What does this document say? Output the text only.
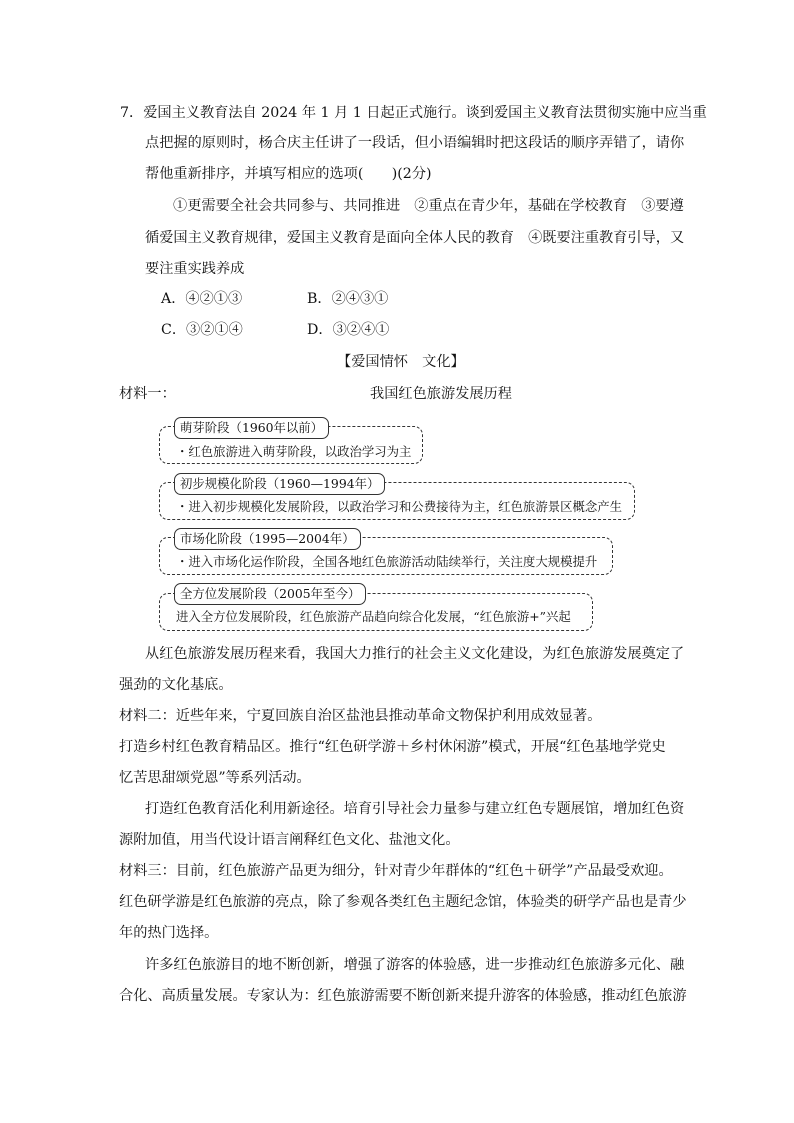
7．爱国主义教育法自 2024 年 1 月 1 日起正式施行。谈到爱国主义教育法贯彻实施中应当重
点把握的原则时，杨合庆主任讲了一段话，但小语编辑时把这段话的顺序弄错了，请你
帮他重新排序，并填写相应的选项(　　)(2分)
①更需要全社会共同参与、共同推进　②重点在青少年，基础在学校教育　③要遵
循爱国主义教育规律，爱国主义教育是面向全体人民的教育　④既要注重教育引导，又
要注重实践养成
A．④②①③	B．②④③①
C．③②①④	D．③②④①
【爱国情怀　文化】
材料一：	我国红色旅游发展历程
萌芽阶段（1960年以前）
・红色旅游进入萌芽阶段，以政治学习为主
初步规模化阶段（1960—1994年）
・进入初步规模化发展阶段，以政治学习和公费接待为主，红色旅游景区概念产生
市场化阶段（1995—2004年）
・进入市场化运作阶段，全国各地红色旅游活动陆续举行，关注度大规模提升
全方位发展阶段（2005年至今）
进入全方位发展阶段，红色旅游产品趋向综合化发展，“红色旅游+”兴起
从红色旅游发展历程来看，我国大力推行的社会主义文化建设，为红色旅游发展奠定了
强劲的文化基底。
材料二：近些年来，宁夏回族自治区盐池县推动革命文物保护利用成效显著。
打造乡村红色教育精品区。推行“红色研学游＋乡村休闲游”模式，开展“红色基地学党史
忆苦思甜颂党恩”等系列活动。
打造红色教育活化利用新途径。培育引导社会力量参与建立红色专题展馆，增加红色资
源附加值，用当代设计语言阐释红色文化、盐池文化。
材料三：目前，红色旅游产品更为细分，针对青少年群体的“红色＋研学”产品最受欢迎。
红色研学游是红色旅游的亮点，除了参观各类红色主题纪念馆，体验类的研学产品也是青少
年的热门选择。
许多红色旅游目的地不断创新，增强了游客的体验感，进一步推动红色旅游多元化、融
合化、高质量发展。专家认为：红色旅游需要不断创新来提升游客的体验感，推动红色旅游
